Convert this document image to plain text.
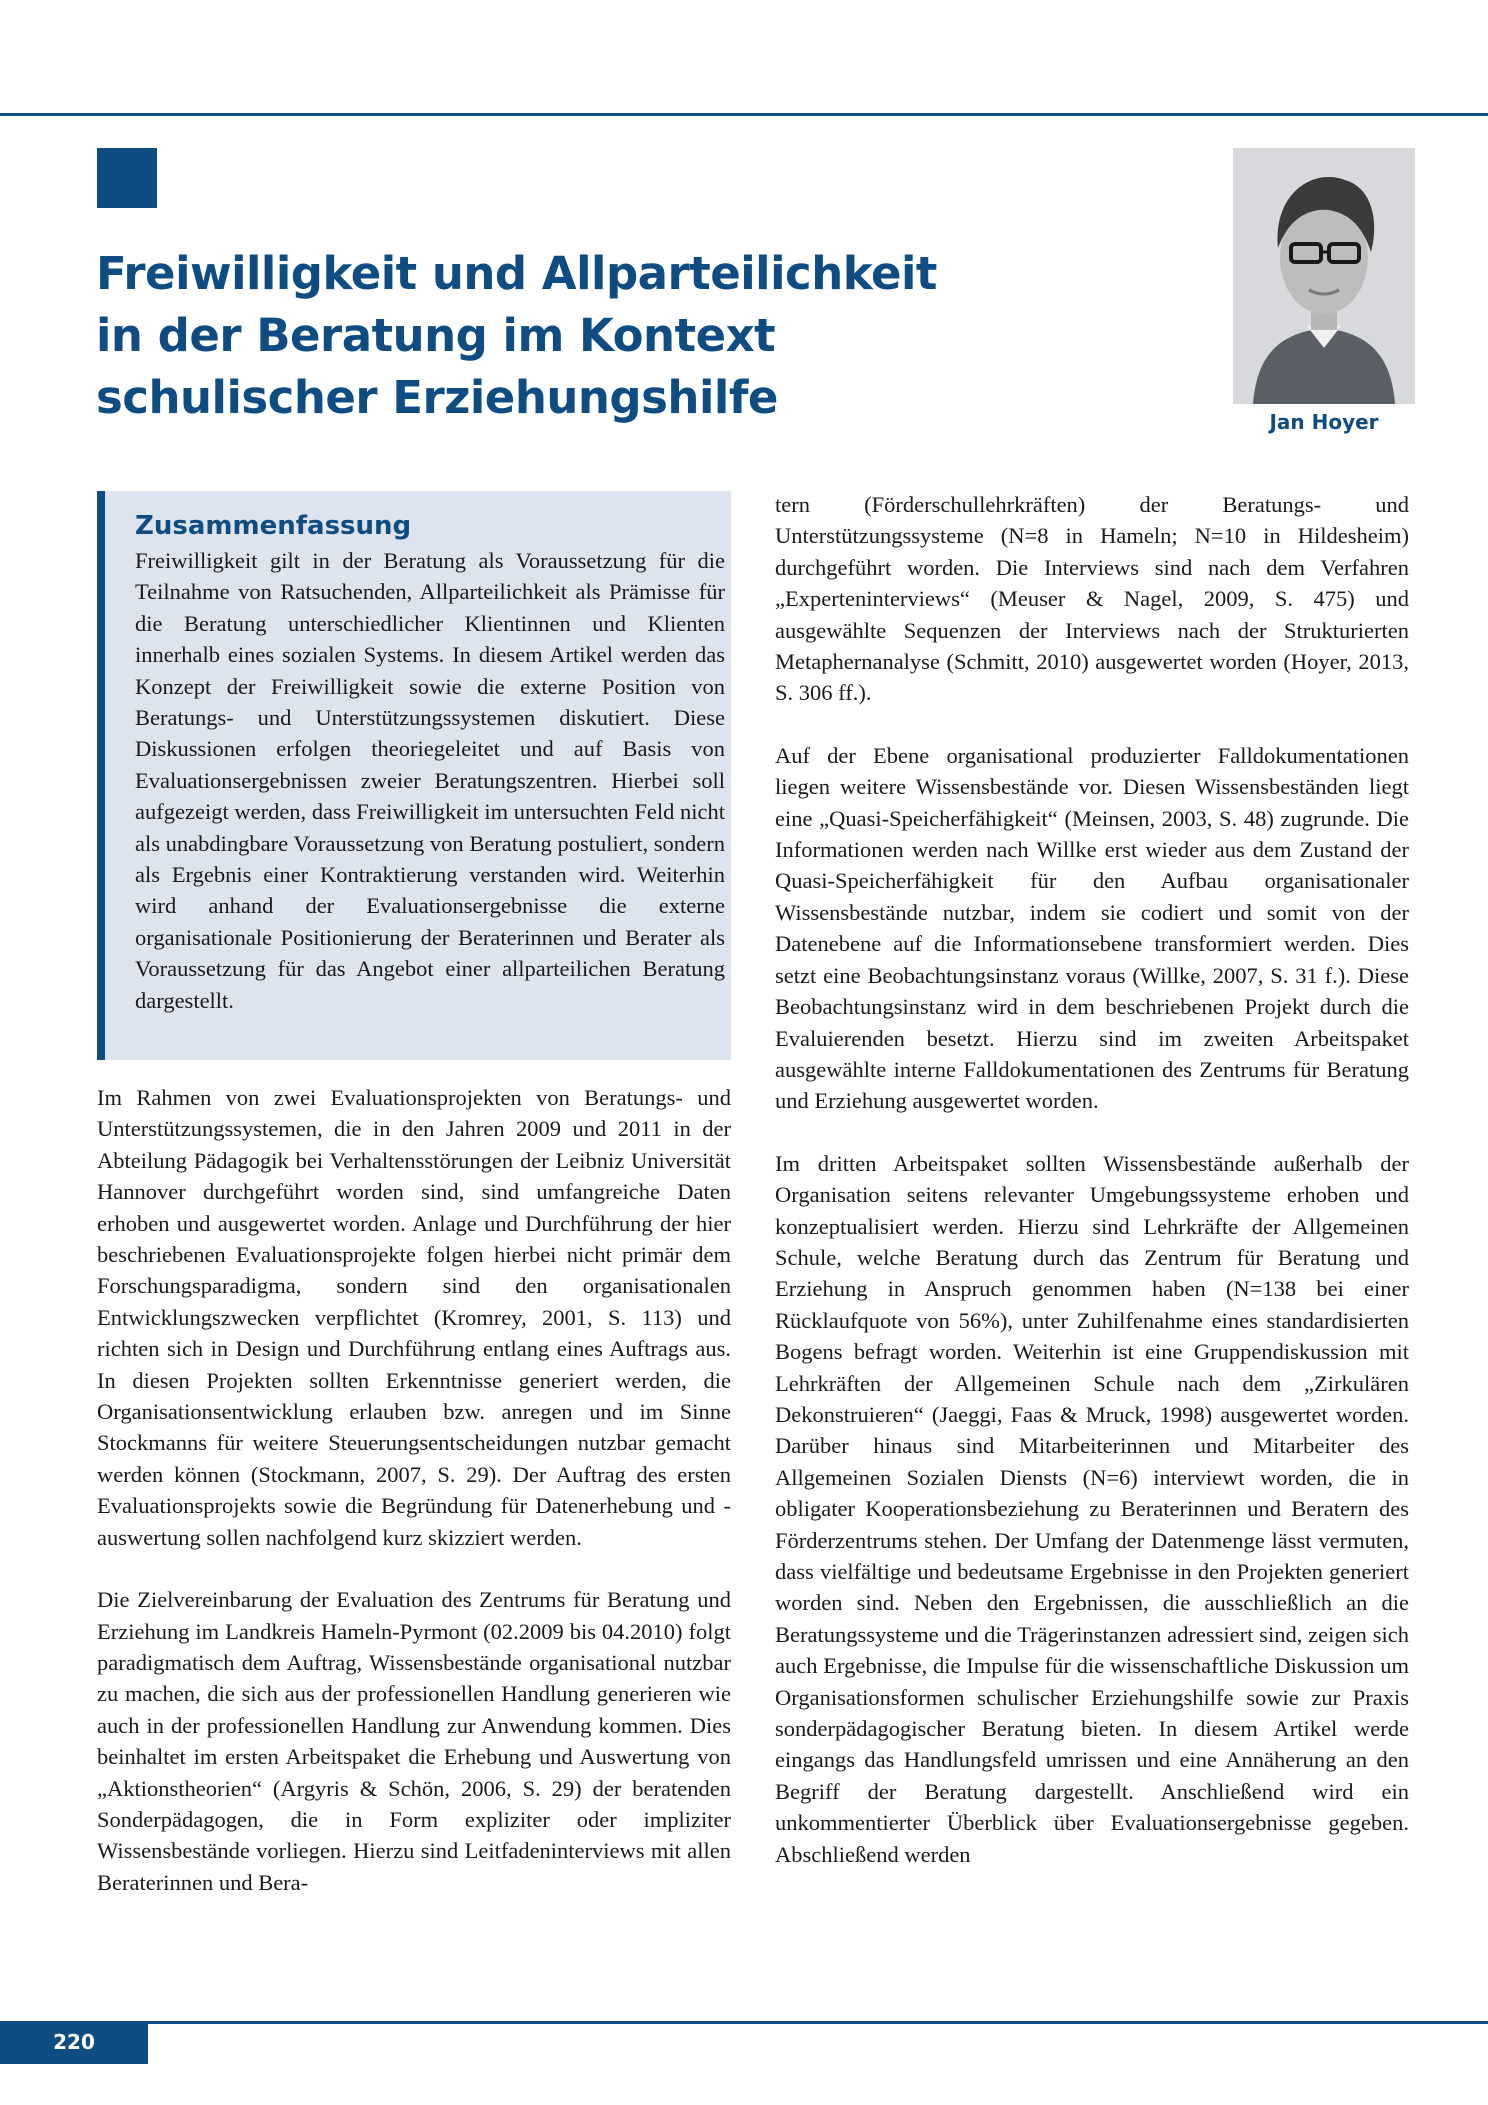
Freiwilligkeit und Allparteilichkeit
in der Beratung im Kontext
schulischer Erziehungshilfe	Jan Hoyer
Zusammenfassung

Freiwilligkeit gilt in der Beratung als Voraussetzung für die Teilnahme von Ratsuchenden, Allparteilichkeit als Prämisse für die Beratung unterschiedlicher Klientinnen und Klienten innerhalb eines sozialen Systems. In diesem Artikel werden das Konzept der Freiwilligkeit sowie die externe Position von Beratungs- und Unterstützungssystemen diskutiert. Diese Diskussionen erfolgen theoriegeleitet und auf Basis von Evaluationsergebnissen zweier Beratungszentren. Hierbei soll aufgezeigt werden, dass Freiwilligkeit im untersuchten Feld nicht als unabdingbare Voraussetzung von Beratung postuliert, sondern als Ergebnis einer Kontraktierung verstanden wird. Weiterhin wird anhand der Evaluationsergebnisse die externe organisationale Positionierung der Beraterinnen und Berater als Voraussetzung für das Angebot einer allparteilichen Beratung dargestellt.

Im Rahmen von zwei Evaluationsprojekten von Beratungs- und Unterstützungssystemen, die in den Jahren 2009 und 2011 in der Abteilung Pädagogik bei Verhaltensstörungen der Leibniz Universität Hannover durchgeführt worden sind, sind umfangreiche Daten erhoben und ausgewertet worden. Anlage und Durchführung der hier beschriebenen Evaluationsprojekte folgen hierbei nicht primär dem Forschungsparadigma, sondern sind den organisationalen Entwicklungszwecken verpflichtet (Kromrey, 2001, S. 113) und richten sich in Design und Durchführung entlang eines Auftrags aus. In diesen Projekten sollten Erkenntnisse generiert werden, die Organisationsentwicklung erlauben bzw. anregen und im Sinne Stockmanns für weitere Steuerungsentscheidungen nutzbar gemacht werden können (Stockmann, 2007, S. 29). Der Auftrag des ersten Evaluationsprojekts sowie die Begründung für Datenerhebung und -auswertung sollen nachfolgend kurz skizziert werden.

Die Zielvereinbarung der Evaluation des Zentrums für Beratung und Erziehung im Landkreis Hameln-Pyrmont (02.2009 bis 04.2010) folgt paradigmatisch dem Auftrag, Wissensbestände organisational nutzbar zu machen, die sich aus der professionellen Handlung generieren wie auch in der professionellen Handlung zur Anwendung kommen. Dies beinhaltet im ersten Arbeitspaket die Erhebung und Auswertung von „Aktionstheorien“ (Argyris & Schön, 2006, S. 29) der beratenden Sonderpädagogen, die in Form expliziter oder impliziter Wissensbestände vorliegen. Hierzu sind Leitfadeninterviews mit allen Beraterinnen und Bera-

tern (Förderschullehrkräften) der Beratungs- und Unterstützungssysteme (N=8 in Hameln; N=10 in Hildesheim) durchgeführt worden. Die Interviews sind nach dem Verfahren „Experteninterviews“ (Meuser & Nagel, 2009, S. 475) und ausgewählte Sequenzen der Interviews nach der Strukturierten Metaphernanalyse (Schmitt, 2010) ausgewertet worden (Hoyer, 2013, S. 306 ff.).

Auf der Ebene organisational produzierter Falldokumentationen liegen weitere Wissensbestände vor. Diesen Wissensbeständen liegt eine „Quasi-Speicherfähigkeit“ (Meinsen, 2003, S. 48) zugrunde. Die Informationen werden nach Willke erst wieder aus dem Zustand der Quasi-Speicherfähigkeit für den Aufbau organisationaler Wissensbestände nutzbar, indem sie codiert und somit von der Datenebene auf die Informationsebene transformiert werden. Dies setzt eine Beobachtungsinstanz voraus (Willke, 2007, S. 31 f.). Diese Beobachtungsinstanz wird in dem beschriebenen Projekt durch die Evaluierenden besetzt. Hierzu sind im zweiten Arbeitspaket ausgewählte interne Falldokumentationen des Zentrums für Beratung und Erziehung ausgewertet worden.

Im dritten Arbeitspaket sollten Wissensbestände außerhalb der Organisation seitens relevanter Umgebungssysteme erhoben und konzeptualisiert werden. Hierzu sind Lehrkräfte der Allgemeinen Schule, welche Beratung durch das Zentrum für Beratung und Erziehung in Anspruch genommen haben (N=138 bei einer Rücklaufquote von 56%), unter Zuhilfenahme eines standardisierten Bogens befragt worden. Weiterhin ist eine Gruppendiskussion mit Lehrkräften der Allgemeinen Schule nach dem „Zirkulären Dekonstruieren“ (Jaeggi, Faas & Mruck, 1998) ausgewertet worden. Darüber hinaus sind Mitarbeiterinnen und Mitarbeiter des Allgemeinen Sozialen Diensts (N=6) interviewt worden, die in obligater Kooperationsbeziehung zu Beraterinnen und Beratern des Förderzentrums stehen. Der Umfang der Datenmenge lässt vermuten, dass vielfältige und bedeutsame Ergebnisse in den Projekten generiert worden sind. Neben den Ergebnissen, die ausschließlich an die Beratungssysteme und die Trägerinstanzen adressiert sind, zeigen sich auch Ergebnisse, die Impulse für die wissenschaftliche Diskussion um Organisationsformen schulischer Erziehungshilfe sowie zur Praxis sonderpädagogischer Beratung bieten. In diesem Artikel werde eingangs das Handlungsfeld umrissen und eine Annäherung an den Begriff der Beratung dargestellt. Anschließend wird ein unkommentierter Überblick über Evaluationsergebnisse gegeben. Abschließend werden

220
